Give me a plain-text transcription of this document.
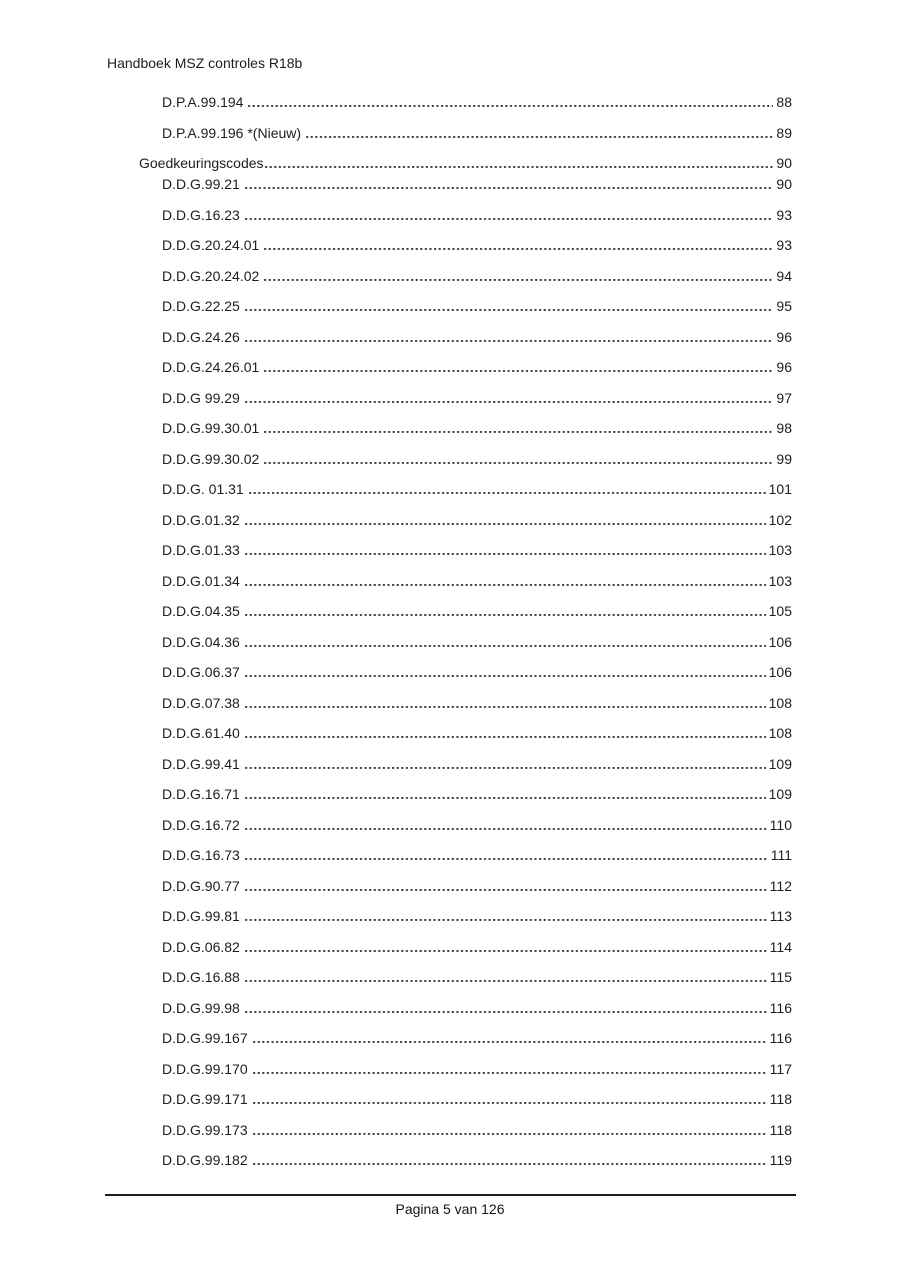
Handboek MSZ controles R18b
D.P.A.99.194	88
D.P.A.99.196 *(Nieuw)	89
Goedkeuringscodes	90
D.D.G.99.21	90
D.D.G.16.23	93
D.D.G.20.24.01	93
D.D.G.20.24.02	94
D.D.G.22.25	95
D.D.G.24.26	96
D.D.G.24.26.01	96
D.D.G 99.29	97
D.D.G.99.30.01	98
D.D.G.99.30.02	99
D.D.G. 01.31	101
D.D.G.01.32	102
D.D.G.01.33	103
D.D.G.01.34	103
D.D.G.04.35	105
D.D.G.04.36	106
D.D.G.06.37	106
D.D.G.07.38	108
D.D.G.61.40	108
D.D.G.99.41	109
D.D.G.16.71	109
D.D.G.16.72	110
D.D.G.16.73	111
D.D.G.90.77	112
D.D.G.99.81	113
D.D.G.06.82	114
D.D.G.16.88	115
D.D.G.99.98	116
D.D.G.99.167	116
D.D.G.99.170	117
D.D.G.99.171	118
D.D.G.99.173	118
D.D.G.99.182	119
Pagina 5 van 126
